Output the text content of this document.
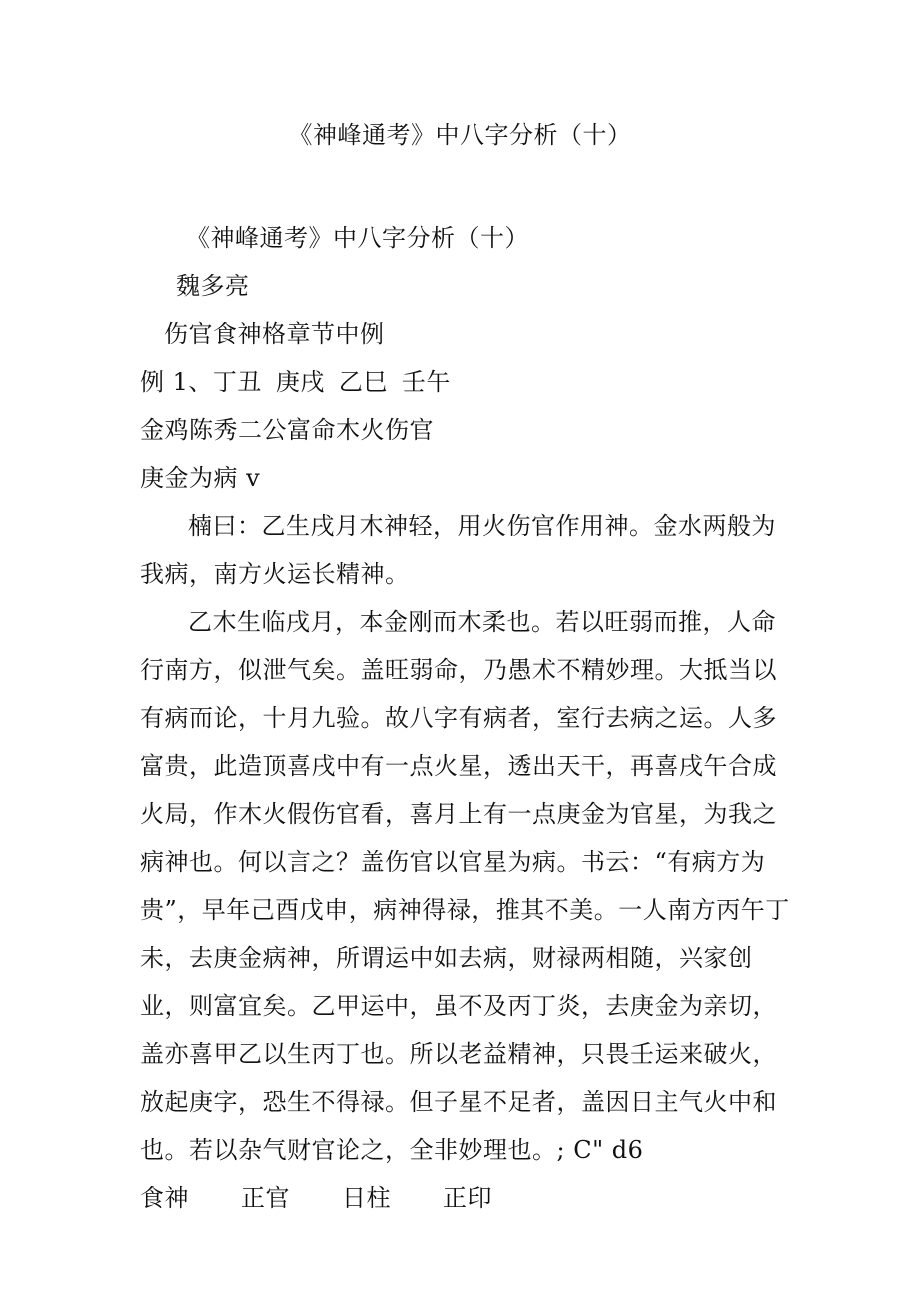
《神峰通考》中八字分析（十）

《神峰通考》中八字分析（十）

魏多亮

伤官食神格章节中例

例 1、丁丑 庚戌 乙巳 壬午金鸡陈秀二公富命木火伤官

庚金为病 v

楠曰：乙生戌月木神轻，用火伤官作用神。金水两般为我病，南方火运长精神。

乙木生临戌月，本金刚而木柔也。若以旺弱而推，人命行南方，似泄气矣。盖旺弱命，乃愚术不精妙理。大抵当以有病而论，十月九验。故八字有病者，室行去病之运。人多富贵，此造顶喜戌中有一点火星，透出天干，再喜戌午合成火局，作木火假伤官看，喜月上有一点庚金为官星，为我之病神也。何以言之？盖伤官以官星为病。书云：“有病方为贵”，早年己酉戊申，病神得禄，推其不美。一人南方丙午丁未，去庚金病神，所谓运中如去病，财禄两相随，兴家创业，则富宜矣。乙甲运中，虽不及丙丁炎，去庚金为亲切，盖亦喜甲乙以生丙丁也。所以老益精神，只畏壬运来破火，放起庚字，恐生不得禄。但子星不足者，盖因日主气火中和也。若以杂气财官论之，全非妙理也。; C" d6

食神 正官 日柱 正印
